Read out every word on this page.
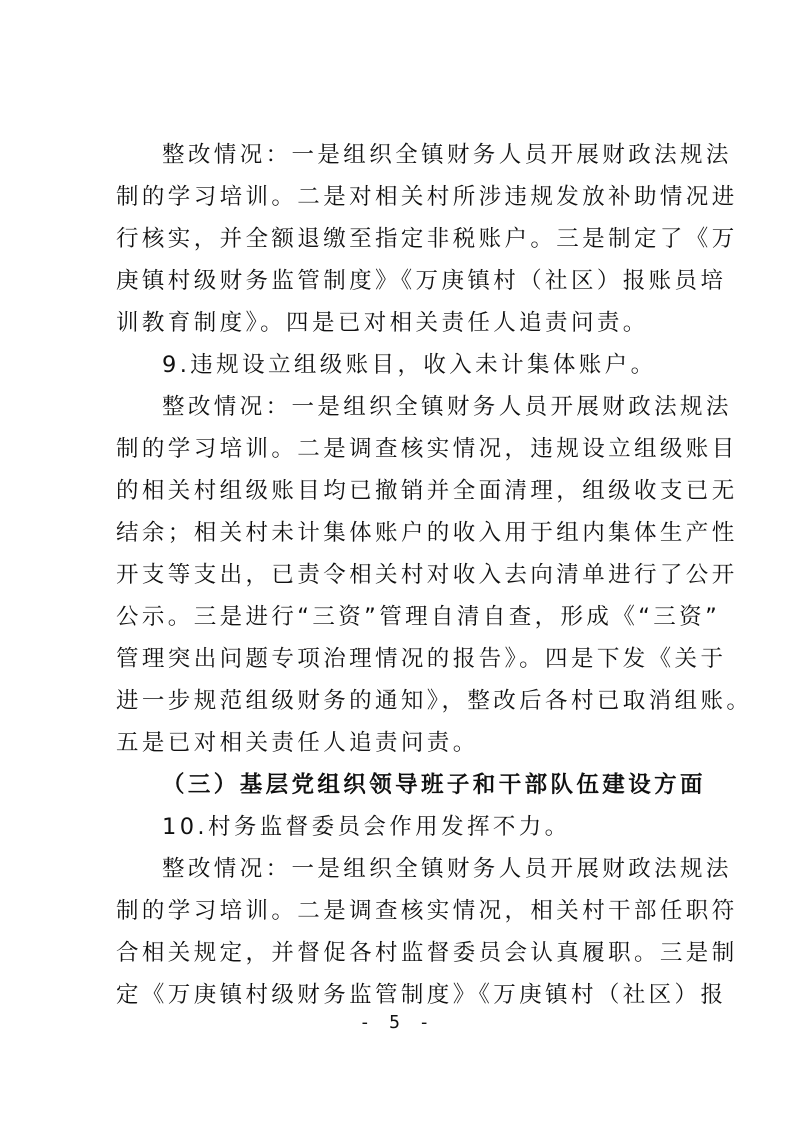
整改情况：一是组织全镇财务人员开展财政法规法
制的学习培训。二是对相关村所涉违规发放补助情况进
行核实，并全额退缴至指定非税账户。三是制定了《万
庚镇村级财务监管制度》《万庚镇村（社区）报账员培
训教育制度》。四是已对相关责任人追责问责。
9.违规设立组级账目，收入未计集体账户。
整改情况：一是组织全镇财务人员开展财政法规法
制的学习培训。二是调查核实情况，违规设立组级账目
的相关村组级账目均已撤销并全面清理，组级收支已无
结余；相关村未计集体账户的收入用于组内集体生产性
开支等支出，已责令相关村对收入去向清单进行了公开
公示。三是进行“三资”管理自清自查，形成《“三资”
管理突出问题专项治理情况的报告》。四是下发《关于
进一步规范组级财务的通知》，整改后各村已取消组账。
五是已对相关责任人追责问责。
（三）基层党组织领导班子和干部队伍建设方面
10.村务监督委员会作用发挥不力。
整改情况：一是组织全镇财务人员开展财政法规法
制的学习培训。二是调查核实情况，相关村干部任职符
合相关规定，并督促各村监督委员会认真履职。三是制
定《万庚镇村级财务监管制度》《万庚镇村（社区）报
- 5 -
